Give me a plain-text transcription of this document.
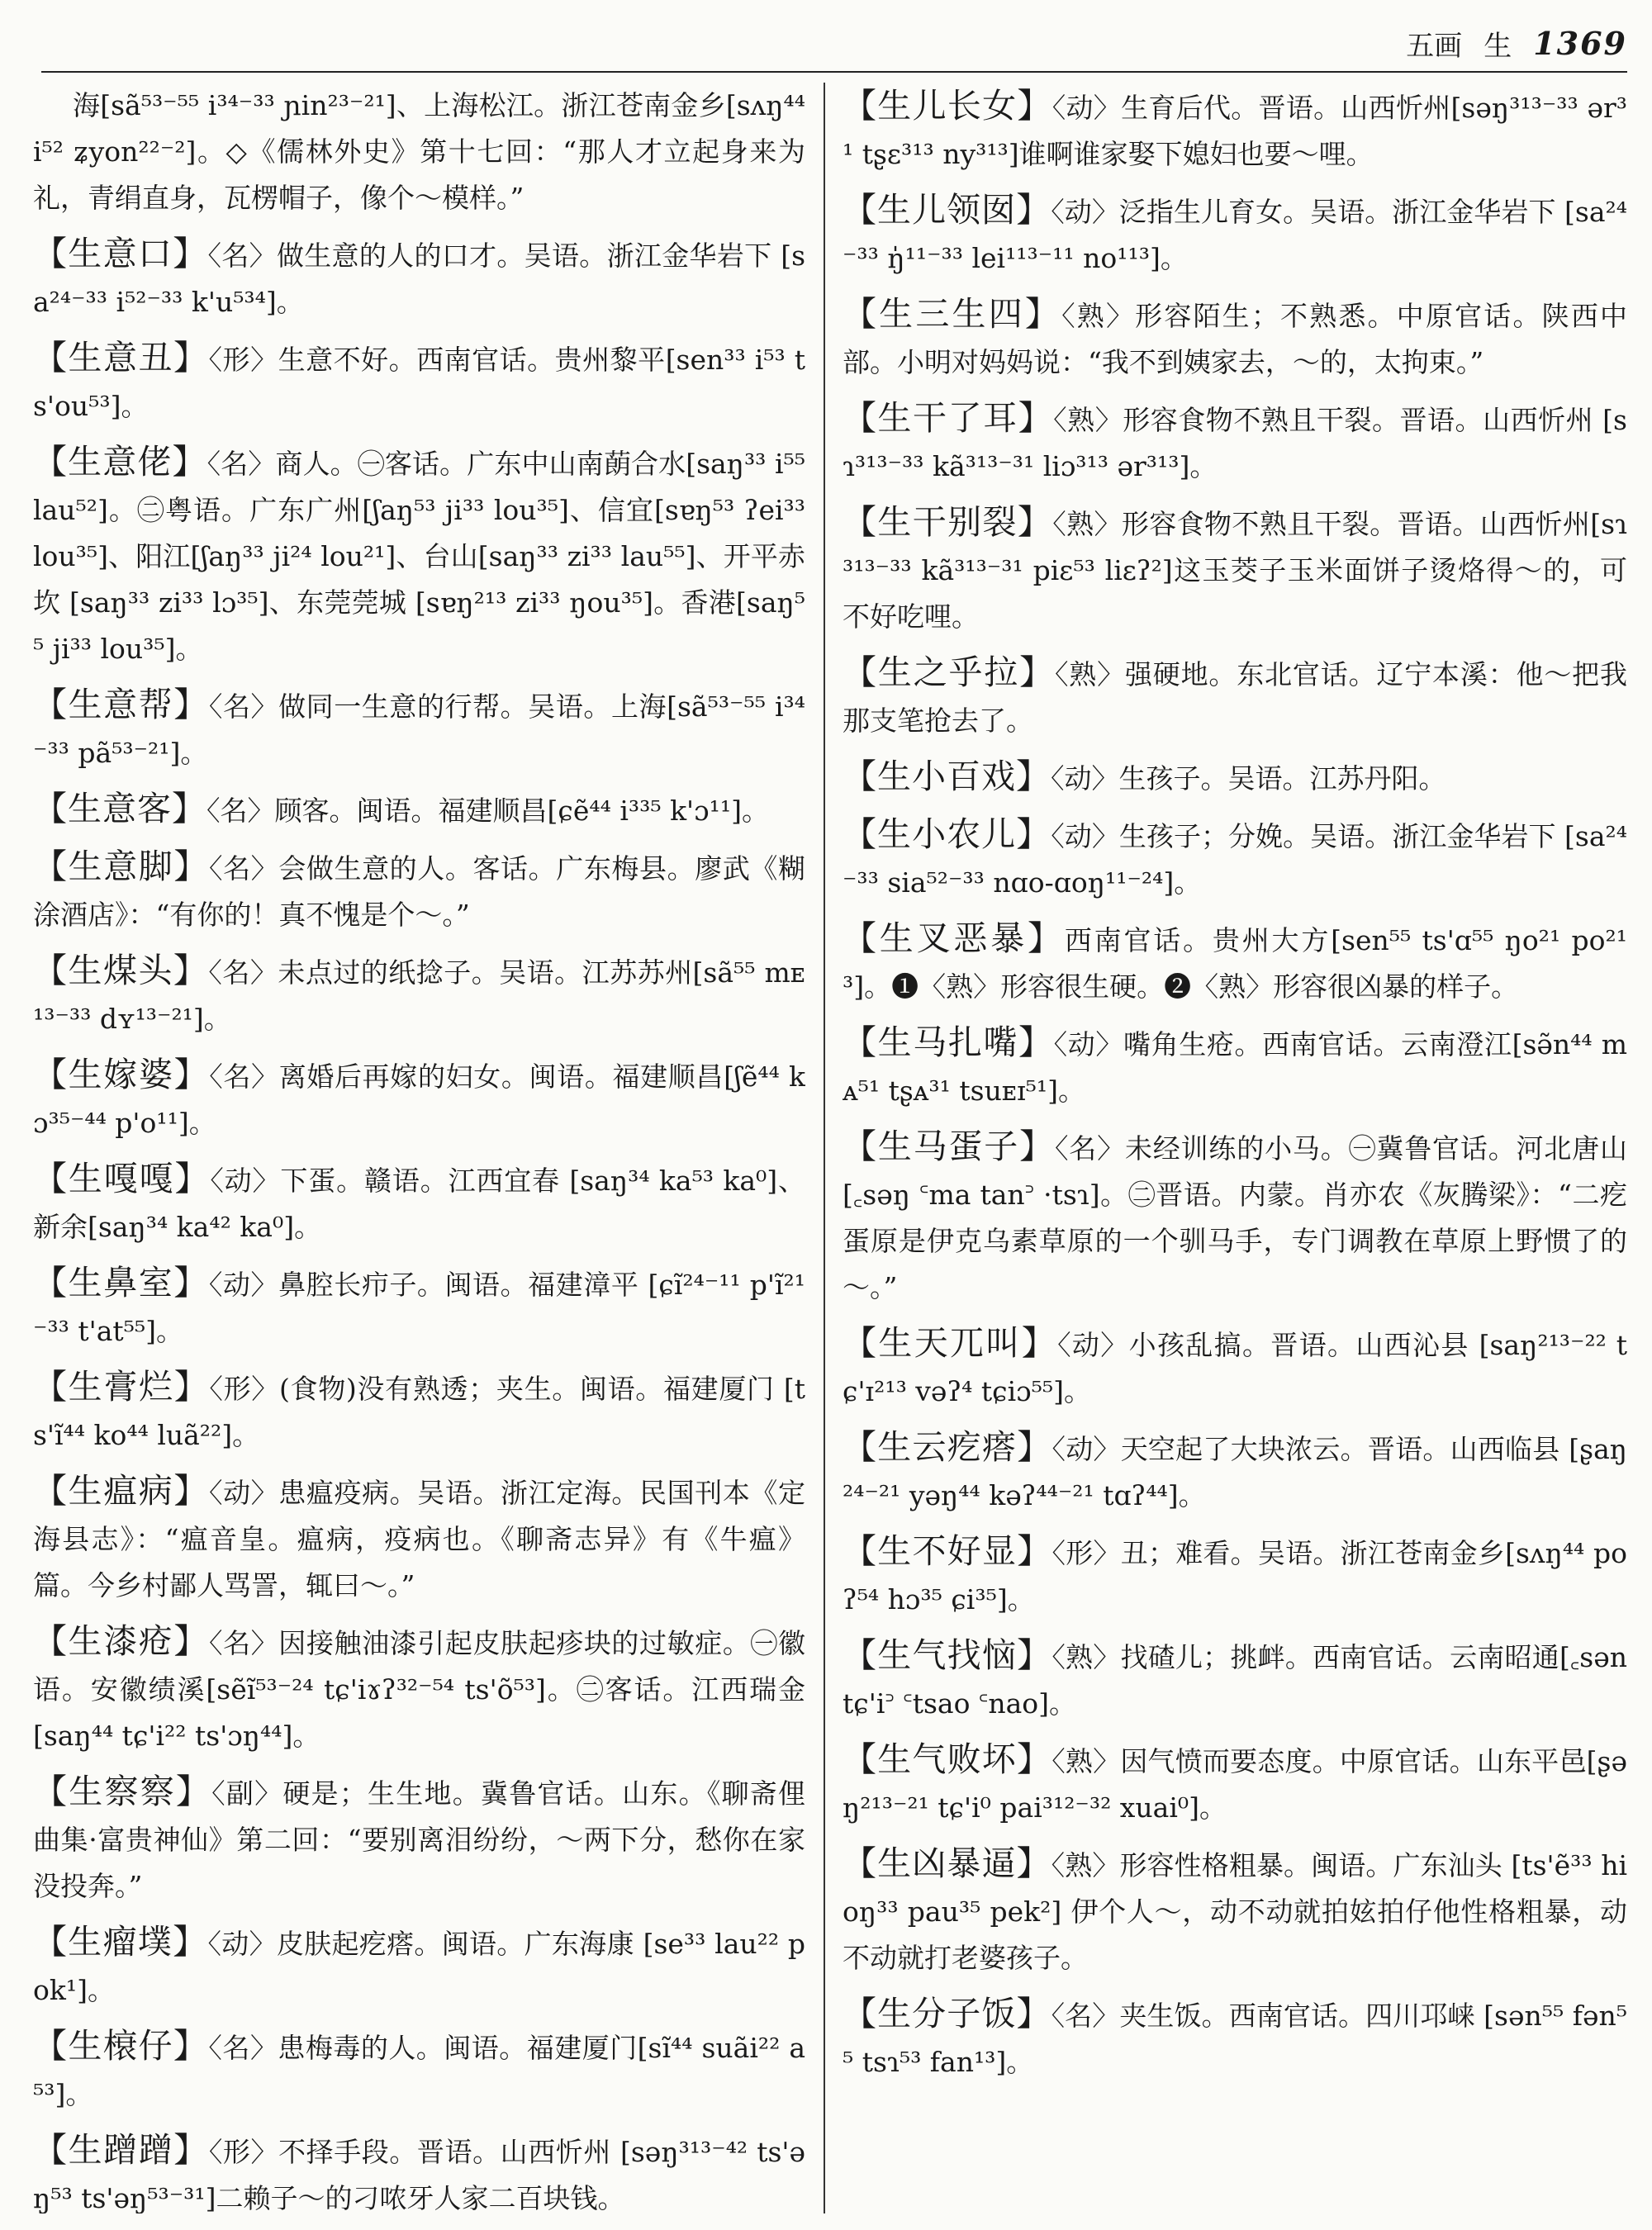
五画 生 1369

海[sã⁵³⁻⁵⁵ i³⁴⁻³³ ɲin²³⁻²¹]、上海松江。浙江苍南金乡[sʌŋ⁴⁴ i⁵² ʑyon²²⁻²]。◇《儒林外史》第十七回：“那人才立起身来为礼，青绢直身，瓦楞帽子，像个～模样。”

【生意口】〈名〉做生意的人的口才。吴语。浙江金华岩下 [sa²⁴⁻³³ i⁵²⁻³³ k'u⁵³⁴]。

【生意丑】〈形〉生意不好。西南官话。贵州黎平[sen³³ i⁵³ ts'ou⁵³]。

【生意佬】〈名〉商人。㊀客话。广东中山南蓢合水[saŋ³³ i⁵⁵ lau⁵²]。㊁粤语。广东广州[ʃaŋ⁵³ ji³³ lou³⁵]、信宜[sɐŋ⁵³ ʔei³³ lou³⁵]、阳江[ʃaŋ³³ ji²⁴ lou²¹]、台山[saŋ³³ zi³³ lau⁵⁵]、开平赤坎 [saŋ³³ zi³³ lɔ³⁵]、东莞莞城 [sɐŋ²¹³ zi³³ ŋou³⁵]。香港[saŋ⁵⁵ ji³³ lou³⁵]。

【生意帮】〈名〉做同一生意的行帮。吴语。上海[sã⁵³⁻⁵⁵ i³⁴⁻³³ pã⁵³⁻²¹]。

【生意客】〈名〉顾客。闽语。福建顺昌[ɕẽ⁴⁴ i³³⁵ k'ɔ¹¹]。

【生意脚】〈名〉会做生意的人。客话。广东梅县。廖武《糊涂酒店》：“有你的！真不愧是个～。”

【生煤头】〈名〉未点过的纸捻子。吴语。江苏苏州[sã⁵⁵ mᴇ¹³⁻³³ dʏ¹³⁻²¹]。

【生嫁婆】〈名〉离婚后再嫁的妇女。闽语。福建顺昌[ʃẽ⁴⁴ kɔ³⁵⁻⁴⁴ p'o¹¹]。

【生嘎嘎】〈动〉下蛋。赣语。江西宜春 [saŋ³⁴ ka⁵³ ka⁰]、新余[saŋ³⁴ ka⁴² ka⁰]。

【生鼻室】〈动〉鼻腔长疖子。闽语。福建漳平 [ɕĩ²⁴⁻¹¹ p'ĩ²¹⁻³³ t'at⁵⁵]。

【生膏烂】〈形〉(食物)没有熟透；夹生。闽语。福建厦门 [ts'ĩ⁴⁴ ko⁴⁴ luã²²]。

【生瘟病】〈动〉患瘟疫病。吴语。浙江定海。民国刊本《定海县志》：“瘟音皇。瘟病，疫病也。《聊斋志异》有《牛瘟》篇。今乡村鄙人骂詈，辄曰～。”

【生漆疮】〈名〉因接触油漆引起皮肤起疹块的过敏症。㊀徽语。安徽绩溪[sẽĩ⁵³⁻²⁴ tɕ'iɤʔ³²⁻⁵⁴ ts'õ⁵³]。㊁客话。江西瑞金 [saŋ⁴⁴ tɕ'i²² ts'ɔŋ⁴⁴]。

【生察察】〈副〉硬是；生生地。冀鲁官话。山东。《聊斋俚曲集·富贵神仙》第二回：“要别离泪纷纷，～两下分，愁你在家没投奔。”

【生瘤墣】〈动〉皮肤起疙瘩。闽语。广东海康 [se³³ lau²² pok¹]。

【生榱仔】〈名〉患梅毒的人。闽语。福建厦门[sĩ⁴⁴ suãi²² a⁵³]。

【生蹭蹭】〈形〉不择手段。晋语。山西忻州 [səŋ³¹³⁻⁴² ts'əŋ⁵³ ts'əŋ⁵³⁻³¹]二赖子～的刁哝牙人家二百块钱。

【生儿长女】〈动〉生育后代。晋语。山西忻州[səŋ³¹³⁻³³ ər³¹ tʂɛ³¹³ ny³¹³]谁啊谁家娶下媳妇也要～哩。

【生儿领囡】〈动〉泛指生儿育女。吴语。浙江金华岩下 [sa²⁴⁻³³ ŋ̍¹¹⁻³³ lei¹¹³⁻¹¹ no¹¹³]。

【生三生四】〈熟〉形容陌生；不熟悉。中原官话。陕西中部。小明对妈妈说：“我不到姨家去，～的，太拘束。”

【生干了耳】〈熟〉形容食物不熟且干裂。晋语。山西忻州 [sɿ³¹³⁻³³ kã³¹³⁻³¹ liɔ³¹³ ər³¹³]。

【生干别裂】〈熟〉形容食物不熟且干裂。晋语。山西忻州[sɿ³¹³⁻³³ kã³¹³⁻³¹ piɛ⁵³ liɛʔ²]这玉茭子玉米面饼子烫烙得～的，可不好吃哩。

【生之乎拉】〈熟〉强硬地。东北官话。辽宁本溪：他～把我那支笔抢去了。

【生小百戏】〈动〉生孩子。吴语。江苏丹阳。

【生小农儿】〈动〉生孩子；分娩。吴语。浙江金华岩下 [sa²⁴⁻³³ sia⁵²⁻³³ nɑo-ɑoŋ¹¹⁻²⁴]。

【生叉恶暴】西南官话。贵州大方[sen⁵⁵ ts'ɑ⁵⁵ ŋo²¹ po²¹³]。❶〈熟〉形容很生硬。❷〈熟〉形容很凶暴的样子。

【生马扎嘴】〈动〉嘴角生疮。西南官话。云南澄江[sə̃n⁴⁴ mᴀ⁵¹ tʂᴀ³¹ tsuᴇɪ⁵¹]。

【生马蛋子】〈名〉未经训练的小马。㊀冀鲁官话。河北唐山[꜀səŋ ꜂ma tan꜄ ·tsɿ]。㊁晋语。内蒙。肖亦农《灰腾梁》：“二疙蛋原是伊克乌素草原的一个驯马手，专门调教在草原上野惯了的～。”

【生天兀叫】〈动〉小孩乱搞。晋语。山西沁县 [saŋ²¹³⁻²² tɕ'ɪ²¹³ vəʔ⁴ tɕiɔ⁵⁵]。

【生云疙瘩】〈动〉天空起了大块浓云。晋语。山西临县 [ʂaŋ²⁴⁻²¹ yəŋ⁴⁴ kəʔ⁴⁴⁻²¹ tɑʔ⁴⁴]。

【生不好显】〈形〉丑；难看。吴语。浙江苍南金乡[sʌŋ⁴⁴ poʔ⁵⁴ hɔ³⁵ ɕi³⁵]。

【生气找恼】〈熟〉找碴儿；挑衅。西南官话。云南昭通[꜀sən tɕ'i꜄ ꜂tsao ꜂nao]。

【生气败坏】〈熟〉因气愤而要态度。中原官话。山东平邑[ʂəŋ²¹³⁻²¹ tɕ'i⁰ pai³¹²⁻³² xuai⁰]。

【生凶暴逼】〈熟〉形容性格粗暴。闽语。广东汕头 [ts'ẽ³³ hioŋ³³ pau³⁵ pek²] 伊个人～，动不动就拍妶拍仔他性格粗暴，动不动就打老婆孩子。

【生分子饭】〈名〉夹生饭。西南官话。四川邛崃 [sən⁵⁵ fən⁵⁵ tsɿ⁵³ fan¹³]。
